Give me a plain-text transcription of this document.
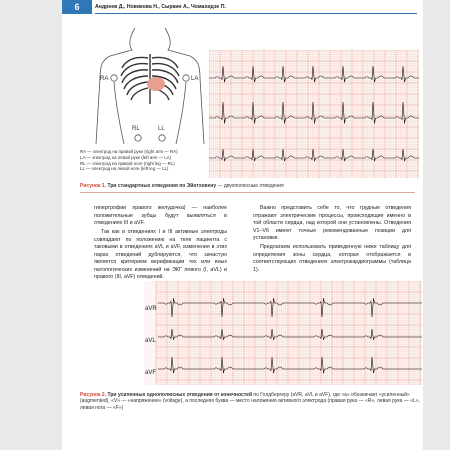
6	Андреев Д., Новикова Н., Сыркин А., Чомахидзе П.
RA	LA
RL	LL
RA — электрод на правой руке (right arm — RA)
LA — электрод на левой руке (left arm — LA)
RL — электрод на правой ноге (right leg — RL)
LL — электрод на левой ноге (left leg — LL)
Рисунок 1. Три стандартных отведения по Эйнтховену — двухполюсные отведения

гипертрофии правого желудочка) — наиболее положительные зубцы будут выявляться в отведениях III и aVF.

Так как в отведениях I и III активные электроды совпадают по положению на теле пациента с таковыми в отведениях aVL и aVF, изменения в этих парах отведений дублируются, что зачастую является критерием верификации тех или иных патологических изменений на ЭКГ левого (I, aVL) и правого (III, aVF) отведений.

Важно представить себе то, что грудные отведения отражают электрические процессы, происходящие именно в той области сердца, над которой они установлены. Отведения V1–V6 имеют точные рекомендованные позиции для установки.

Предлагаем использовать приведенную ниже таблицу для определения зоны сердца, которая отображается в соответствующих отведениях электрокардиограммы (таблица 1).

aVR
aVL
aVF
Рисунок 2. Три усиленных однополюсных отведения от конечностей по Голдбергеру (aVR, aVL и aVF), где «а» обозначает «усиленный» (augmented), «V» — «напряжение» (voltage), а последняя буква — место наложения активного электрода (правая рука — «R», левая рука — «L», левая нога — «F»)
